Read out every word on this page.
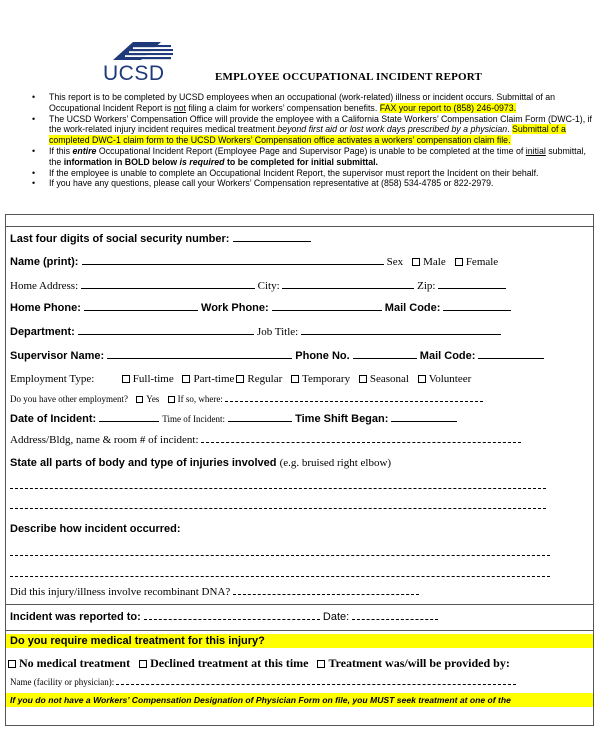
UCSD	EMPLOYEE OCCUPATIONAL INCIDENT REPORT
• This report is to be completed by UCSD employees when an occupational (work-related) illness or incident occurs. Submittal of an Occupational Incident Report is not filing a claim for workers’ compensation benefits. FAX your report to (858) 246-0973.
• The UCSD Workers’ Compensation Office will provide the employee with a California State Workers’ Compensation Claim Form (DWC-1), if the work-related injury incident requires medical treatment beyond first aid or lost work days prescribed by a physician. Submittal of a completed DWC-1 claim form to the UCSD Workers’ Compensation office activates a workers’ compensation claim file.
• If this entire Occupational Incident Report (Employee Page and Supervisor Page) is unable to be completed at the time of initial submittal, the information in BOLD below is required to be completed for initial submittal.
• If the employee is unable to complete an Occupational Incident Report, the supervisor must report the Incident on their behalf.
• If you have any questions, please call your Workers’ Compensation representative at (858) 534-4785 or 822-2979.
Last four digits of social security number:
Name (print):	Sex Male Female
Home Address:	City:	Zip:
Home Phone:	Work Phone:	Mail Code:
Department:	Job Title:
Supervisor Name:	Phone No.	Mail Code:
Employment Type:	Full-time Part-time Regular Temporary Seasonal Volunteer
Do you have other employment? Yes If so, where:
Date of Incident:	Time of Incident:	Time Shift Began:
Address/Bldg, name & room # of incident:
State all parts of body and type of injuries involved (e.g. bruised right elbow)
Describe how incident occurred:
Did this injury/illness involve recombinant DNA?
Incident was reported to:	Date:
Do you require medical treatment for this injury?
No medical treatment Declined treatment at this time Treatment was/will be provided by:
Name (facility or physician):
If you do not have a Workers’ Compensation Designation of Physician Form on file, you MUST seek treatment at one of the
